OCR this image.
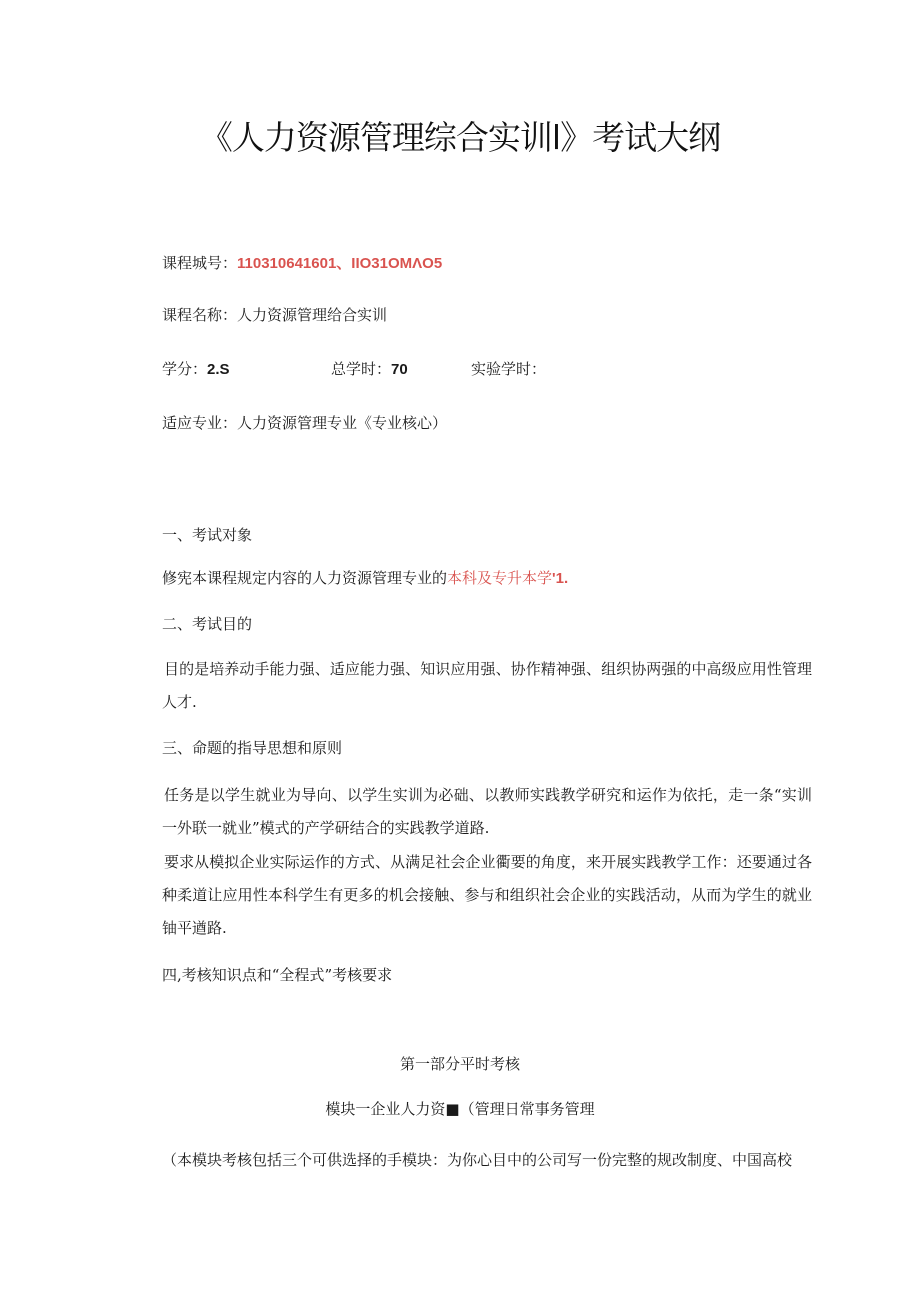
《人力资源管理综合实训l》考试大纲
课程城号：110310641601、IIO31OMΛO5
课程名称：人力资源管理给合实训
学分：2.S	总学时：70	实验学时：
适应专业：人力资源管理专业《专业核心）
一、考试对象
修宪本课程规定内容的人力资源管理专业的本科及专升本学'1.
二、考试目的
目的是培养动手能力强、适应能力强、知识应用强、协作精神强、组织协两强的中高级应用性管理人才.
三、命题的指导思想和原则
任务是以学生就业为导向、以学生实训为必础、以教师实践教学研究和运作为依托，走一条“实训一外联一就业”模式的产学研结合的实践教学道路.
要求从模拟企业实际运作的方式、从满足社会企业衢要的角度，来开展实践教学工作：还要通过各种柔道让应用性本科学生有更多的机会接触、参与和组织社会企业的实践活动，从而为学生的就业铀平遒路.
四,考核知识点和“全程式”考核要求
第一部分平时考核
模块一企业人力资■（管理日常事务管理
（本模块考核包括三个可供选择的手模块：为你心目中的公司写一份完整的规改制度、中国高校
